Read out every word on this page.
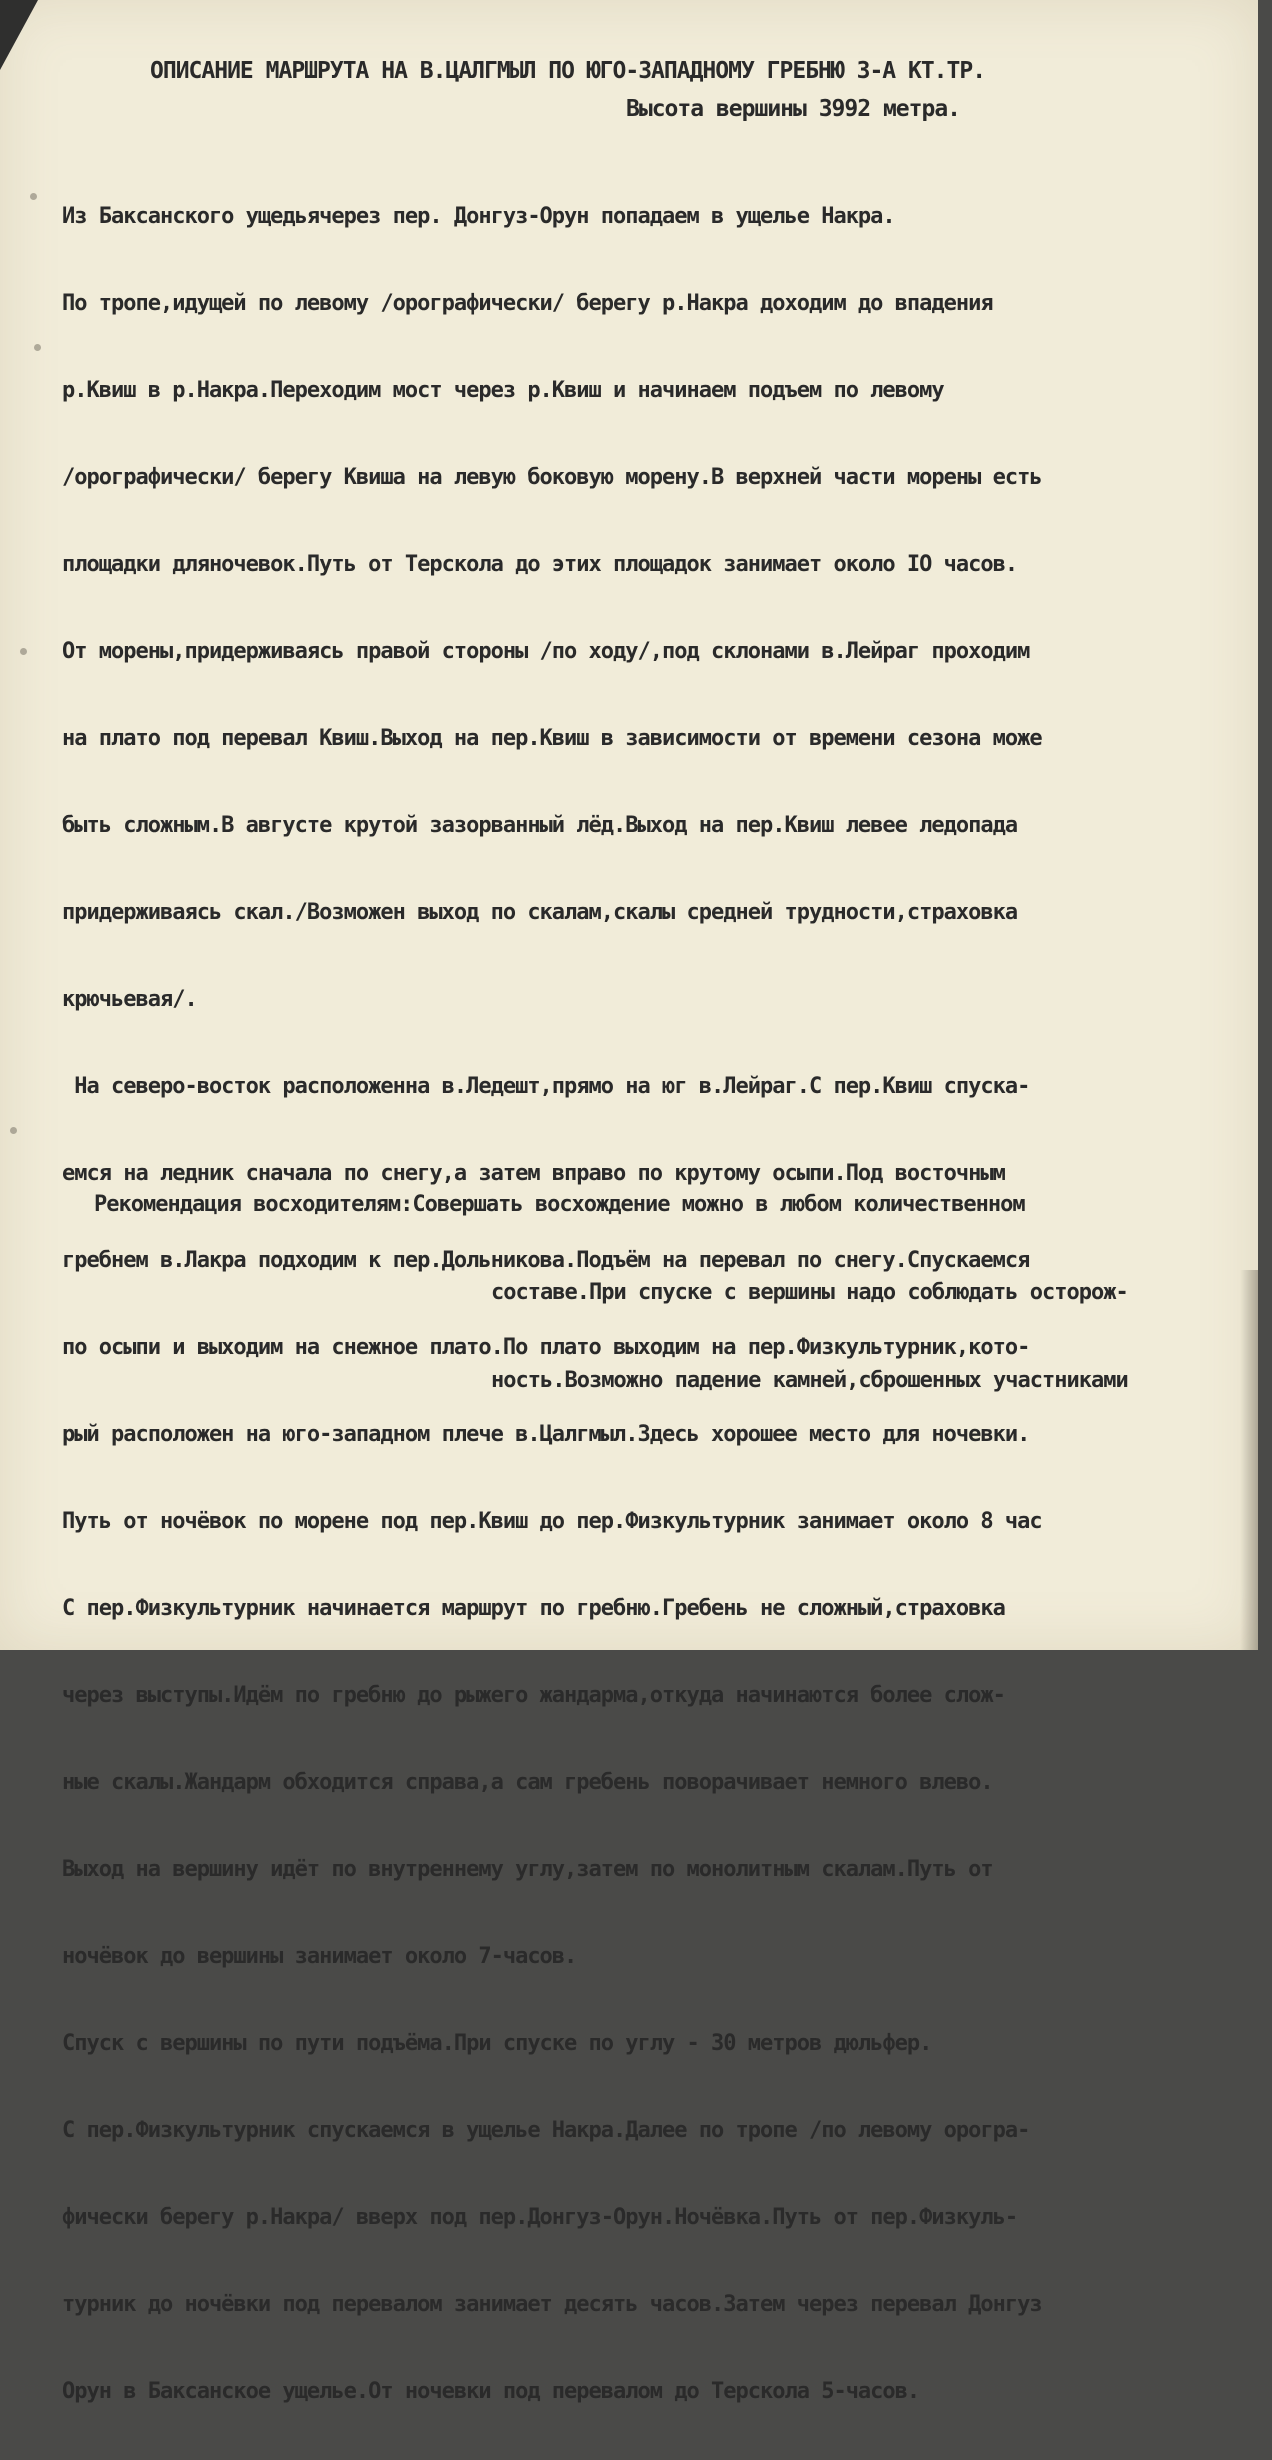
ОПИСАНИЕ МАРШРУТА НА В.ЦАЛГМЫЛ ПО ЮГО-ЗАПАДНОМУ ГРЕБНЮ 3-А КТ.ТР.
Высота вершины 3992 метра.

Из Баксанского ущедьячерез пер. Донгуз-Орун попадаем в ущелье Накра.

По тропе,идущей по левому /орографически/ берегу р.Накра доходим до впадения

р.Квиш в р.Накра.Переходим мост через р.Квиш и начинаем подъем по левому

/орографически/ берегу Квиша на левую боковую морену.В верхней части морены есть

площадки дляночевок.Путь от Терскола до этих площадок занимает около IO часов.

От морены,придерживаясь правой стороны /по ходу/,под склонами в.Лейраг проходим

на плато под перевал Квиш.Выход на пер.Квиш в зависимости от времени сезона може

быть сложным.В августе крутой зазорванный лёд.Выход на пер.Квиш левее ледопада

придерживаясь скал./Возможен выход по скалам,скалы средней трудности,страховка

крючьевая/.

На северо-восток расположенна в.Ледешт,прямо на юг в.Лейраг.С пер.Квиш спуска-

емся на ледник сначала по снегу,а затем вправо по крутому осыпи.Под восточным

гребнем в.Лакра подходим к пер.Дольникова.Подъём на перевал по снегу.Спускаемся

по осыпи и выходим на снежное плато.По плато выходим на пер.Физкультурник,кото-

рый расположен на юго-западном плече в.Цалгмыл.Здесь хорошее место для ночевки.

Путь от ночёвок по морене под пер.Квиш до пер.Физкультурник занимает около 8 час

С пер.Физкультурник начинается маршрут по гребню.Гребень не сложный,страховка

через выступы.Идём по гребню до рыжего жандарма,откуда начинаются более слож-

ные скалы.Жандарм обходится справа,а сам гребень поворачивает немного влево.

Выход на вершину идёт по внутреннему углу,затем по монолитным скалам.Путь от

ночёвок до вершины занимает около 7-часов.

Спуск с вершины по пути подъёма.При спуске по углу - 30 метров дюльфер.

С пер.Физкультурник спускаемся в ущелье Накра.Далее по тропе /по левому орогра-

фически берегу р.Накра/ вверх под пер.Донгуз-Орун.Ночёвка.Путь от пер.Физкуль-

турник до ночёвки под перевалом занимает десять часов.Затем через перевал Донгуз

Орун в Баксанское ущелье.От ночевки под перевалом до Терскола 5-часов.

Рекомендация восходителям:Совершать восхождение можно в любом количественном

составе.При спуске с вершины надо соблюдать осторож-

ность.Возможно падение камней,сброшенных участниками
